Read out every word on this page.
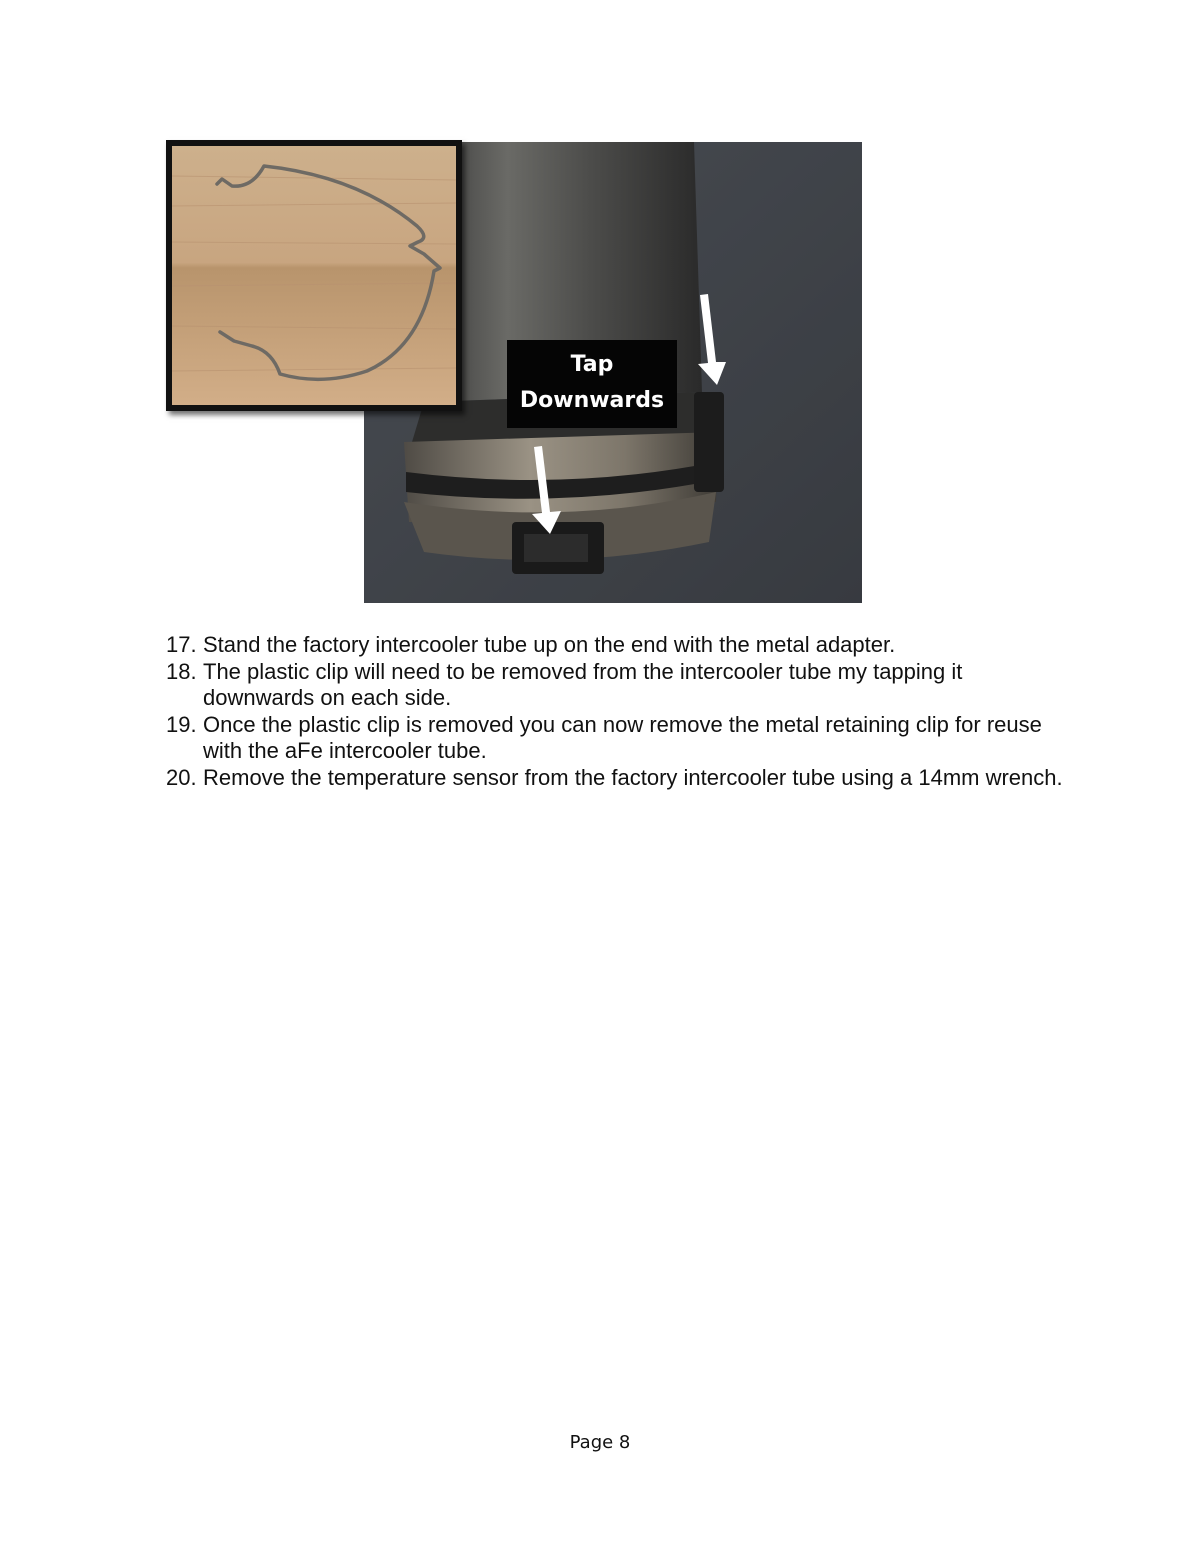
Tap
Downwards
17. Stand the factory intercooler tube up on the end with the metal adapter.
18. The plastic clip will need to be removed from the intercooler tube my tapping it downwards on each side.
19. Once the plastic clip is removed you can now remove the metal retaining clip for reuse with the aFe intercooler tube.
20. Remove the temperature sensor from the factory intercooler tube using a 14mm wrench.
Page 8
